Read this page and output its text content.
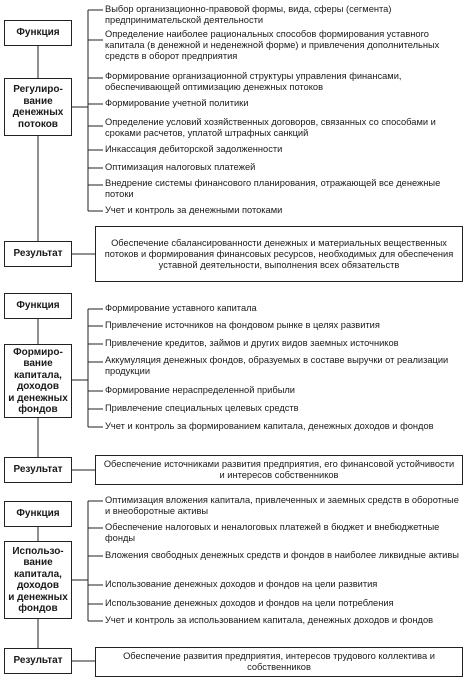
Функция
Регулиро-
вание
денежных
потоков
Выбор организационно-правовой формы, вида, сферы (сегмента) предпринимательской деятельности
Определение наиболее рациональных способов формирования уставного капитала (в денежной и неденежной форме) и привлечения дополнительных средств в оборот предприятия
Формирование организационной структуры управления финансами, обеспечивающей оптимизацию денежных потоков
Формирование учетной политики
Определение условий хозяйственных договоров, связанных со способами и сроками расчетов, уплатой штрафных санкций
Инкассация дебиторской задолженности
Оптимизация налоговых платежей
Внедрение системы финансового планирования, отражающей все денежные потоки
Учет и контроль за денежными потоками
Результат
Обеспечение сбалансированности денежных и материальных вещественных потоков и формирования финансовых ресурсов, необходимых для обеспечения уставной деятельности, выполнения всех обязательств
Функция
Формиро-
вание
капитала,
доходов
и денежных
фондов
Формирование уставного капитала
Привлечение источников на фондовом рынке в целях развития
Привлечение кредитов, займов и других видов заемных источников
Аккумуляция денежных фондов, образуемых в составе выручки от реализации продукции
Формирование нераспределенной прибыли
Привлечение специальных целевых средств
Учет и контроль за формированием капитала, денежных доходов и фондов
Результат
Обеспечение источниками развития предприятия, его финансовой устойчивости и интересов собственников
Функция
Использо-
вание
капитала,
доходов
и денежных
фондов
Оптимизация вложения капитала, привлеченных и заемных средств в оборотные и внеоборотные активы
Обеспечение налоговых и неналоговых платежей в бюджет и внебюджетные фонды
Вложения свободных денежных средств и фондов в наиболее ликвидные активы
Использование денежных доходов и фондов на цели развития
Использование денежных доходов и фондов на цели потребления
Учет и контроль за использованием капитала, денежных доходов и фондов
Результат	Обеспечение развития предприятия, интересов трудового коллектива и собственников
